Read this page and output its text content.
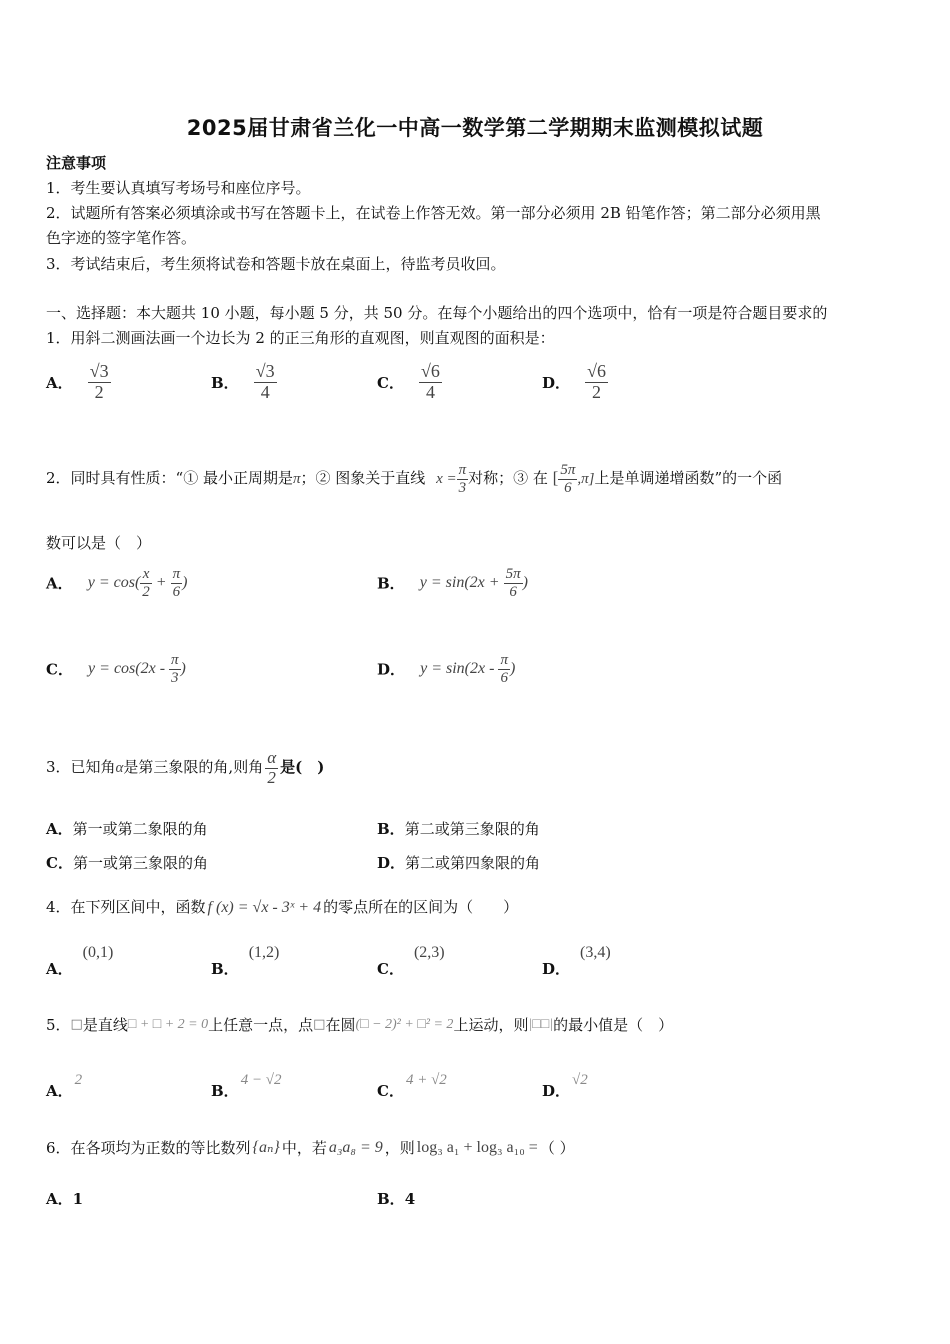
2025届甘肃省兰化一中高一数学第二学期期末监测模拟试题
注意事项
1．考生要认真填写考场号和座位序号。
2．试题所有答案必须填涂或书写在答题卡上，在试卷上作答无效。第一部分必须用 2B 铅笔作答；第二部分必须用黑
色字迹的签字笔作答。
3．考试结束后，考生须将试卷和答题卡放在桌面上，待监考员收回。
一、选择题：本大题共 10 小题，每小题 5 分，共 50 分。在每个小题给出的四个选项中，恰有一项是符合题目要求的
1．用斜二测画法画一个边长为 2 的正三角形的直观图，则直观图的面积是：
A． $\frac{√3}{2}$	B． $\frac{√3}{4}$	C． $\frac{√6}{4}$	D． $\frac{√6}{2}$
2．同时具有性质：“① 最小正周期是π；② 图象关于直线 $x = \frac{\pi}{3}$ 对称；③ 在 [ $\frac{5\pi}{6} ,\pi$]上是单调递增函数”的一个函
数可以是（　）
A． $y = \cos( \frac{x}{2} + \frac{\pi}{6}$ )	B． $y = \sin(2x + \frac{5\pi}{6}$ )
C． $y = \cos(2x - \frac{\pi}{3}$ )	D． $y = \sin(2x - \frac{\pi}{6}$ )
3．已知角α是第三象限的角,则角 $\frac{\alpha}{2}$ 是(　)
A．第一或第二象限的角	B．第二或第三象限的角
C．第一或第三象限的角	D．第二或第四象限的角
4．在下列区间中，函数 f (x) = √x - 3ˣ + 4 的零点所在的区间为（　　）
A．(0,1)
B．(1,2)
C．(2,3)
D．(3,4)
5．□是直线□ + □ + 2 = 0上任意一点，点□在圆(□ − 2)² + □² = 2上运动，则|□□|的最小值是（　）
A．2
B．4 − √2
C．4 + √2
D．√2
6．在各项均为正数的等比数列 {aₙ} 中，若 a₃a₈ = 9 ，则 log₃ a₁ + log₃ a₁₀ = （ ）
A．1	B．4
